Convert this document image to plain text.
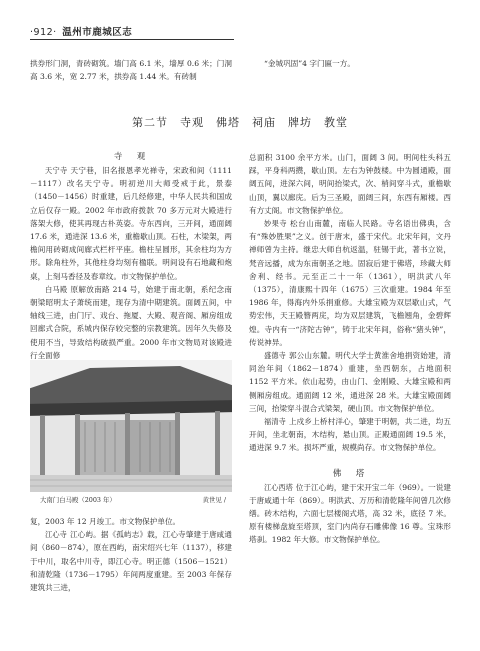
·912· 温州市鹿城区志
拱券形门洞，青砖砌筑。墙门高 6.1 米，墙厚 0.6 米；门洞高 3.6 米，宽 2.77 米，拱券高 1.44 米。有砖制
“金城巩固”4 字门匾一方。
第二节　寺观　佛塔　祠庙　牌坊　教堂
寺　观
天宁寺 天宁巷，旧名报恩孝光禅寺，宋政和间（1111－1117）改名天宁寺。明初逆川大师受戒于此，景泰（1450－1456）时重建，后几经修建，中华人民共和国成立后仅存一殿。2002 年市政府拨款 70 多万元对大殿进行落架大修，使其再现古朴英姿。寺东西向，三开间，通面阔 17.6 米，通进深 13.6 米，重檐歇山顶。石柱，木梁架，两檐间用砖砌成间廊式栏杆平座。檐柱呈圆形，其余柱均为方形。除角柱外，其他柱身均刻有楹联。明间设有石地藏和炮桌，上刻马香径及春章纹。市文物保护单位。
白马殿 原解放南路 214 号，始建于南北朝，系纪念南朝梁昭明太子萧统而建，现存为清中期建筑。面阔五间，中轴线三进，由门厅、戏台、拖厦、大殿、观音阁、厢房组成回廊式合院，系城内保存较完整的宗教建筑。因年久失修及使用不当，导致结构破损严重。2000 年市文物局对该殿进行全面修
大南门白马殿（2003 年）	黄世见 /
复，2003 年 12 月竣工。市文物保护单位。
江心寺 江心屿。据《孤屿志》载，江心寺肇建于唐咸通间（860－874），原在西屿，南宋绍兴七年（1137），移建于中川，取名中川寺，即江心寺。明正德（1506－1521）和清乾隆（1736－1795）年间两度重建。至 2003 年保存建筑共三进，
总面积 3100 余平方米。山门，面阔 3 间。明间柱头科五踩，平身科两攒，歇山顶。左右为钟鼓楼。中为圆通殿，面阔五间，进深六间，明间抬梁式，次、梢间穿斗式，重檐歇山顶，翼以廊庑。后为三圣殿，面阔三间，东西有厢楼。西有方丈阁。市文物保护单位。
妙果寺 松台山南麓，南临人民路。寺名语出佛典，含有“殊妙胜果”之义。创于唐末，盛于宋代。北宋年间，文丹禅师曾为主持。继忠大师自杭返温，驻锡于此，著书立说，梵音远播，成为东南朝圣之地。固寂后建于佛塔，珍藏大师舍利、经书。元至正二十一年（1361），明洪武八年（1375），清康熙十四年（1675）三次重建。1984 年至 1986 年，得海内外乐捐重修。大雄宝殿为双层歇山式，气势宏伟，天王殿簪两庑，均为双层建筑，飞檐翘角，金碧辉煌。寺内有一“济陀古钟”，铸于北宋年间，俗称“猪头钟”，传说神异。
盛德寺 郭公山东麓。明代大学士黄淮舍地捐资始建，清同治年间（1862－1874）重建，坐西朝东，占地面积 1152 平方米。依山起势，由山门、金刚殿、大雄宝殿和两侧厢房组成。通面阔 12 米，通进深 28 米。大雄宝殿面阔三间，抬梁穿斗混合式梁架，硬山顶。市文物保护单位。
福清寺 上戍乡上桥村洋心，肇建于明朝，共二进，均五开间，坐北朝南，木结构，悬山顶。正殿通面阔 19.5 米，通进深 9.7 米。损坏严重，规模尚存。市文物保护单位。
佛　塔
江心西塔 位于江心屿，建于宋开宝二年（969）。一说建于唐咸通十年（869）。明洪武、万历和清乾隆年间曾几次修缮。砖木结构，六面七层楼阁式塔，高 32 米，底径 7 米。原有楼梯盘旋至塔顶，室门内尚存石雕佛像 16 尊。宝珠形塔刹。1982 年大修。市文物保护单位。
